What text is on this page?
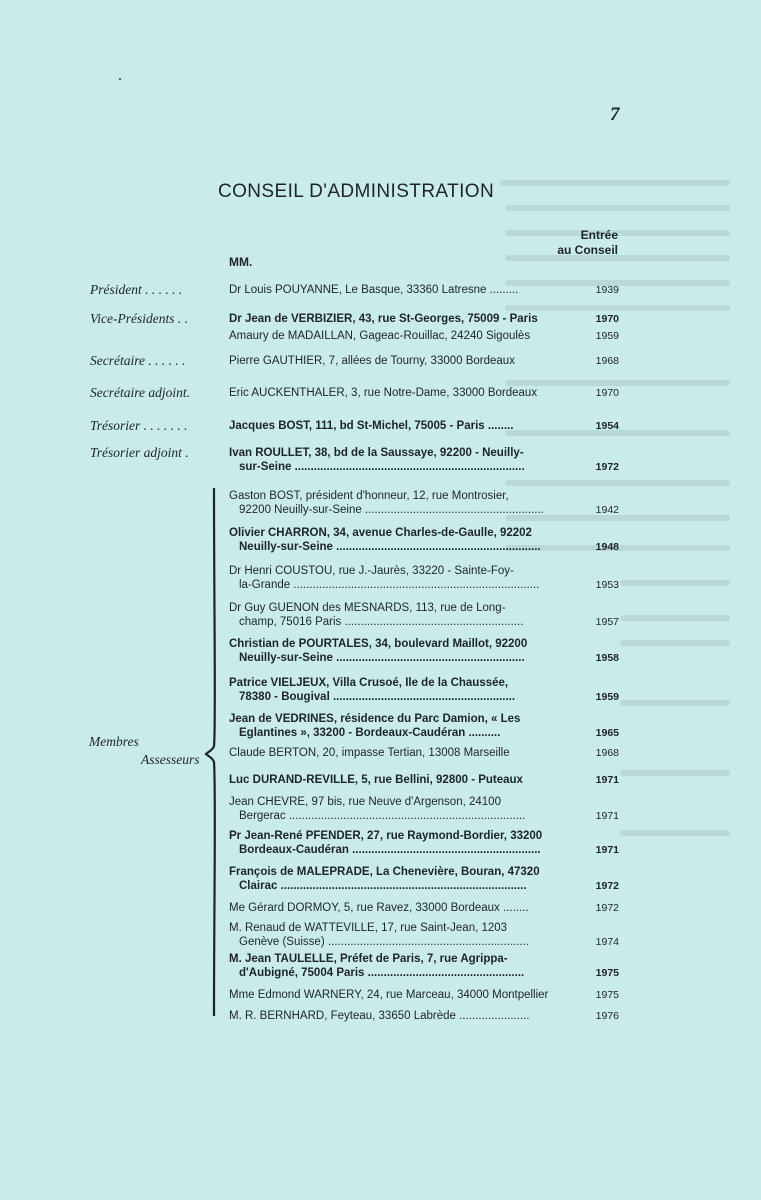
7
CONSEIL D'ADMINISTRATION
Entrée
au Conseil
MM.
Président . . . . . .	Dr Louis POUYANNE, Le Basque, 33360 Latresne .........	1939
Vice-Présidents . .	Dr Jean de VERBIZIER, 43, rue St-Georges, 75009 - Paris	1970
Amaury de MADAILLAN, Gageac-Rouillac, 24240 Sigoulès	1959
Secrétaire . . . . . .	Pierre GAUTHIER, 7, allées de Tourny, 33000 Bordeaux	1968
Secrétaire adjoint.	Eric AUCKENTHALER, 3, rue Notre-Dame, 33000 Bordeaux	1970
Trésorier . . . . . . .	Jacques BOST, 111, bd St-Michel, 75005 - Paris ........	1954
Trésorier adjoint .	Ivan ROULLET, 38, bd de la Saussaye, 92200 - Neuilly-
sur-Seine ........................................................................	1972
Membres
Assesseurs
Gaston BOST, président d'honneur, 12, rue Montrosier,
92200 Neuilly-sur-Seine ........................................................	1942
Olivier CHARRON, 34, avenue Charles-de-Gaulle, 92202
Neuilly-sur-Seine ................................................................	1948
Dr Henri COUSTOU, rue J.-Jaurès, 33220 - Sainte-Foy-
la-Grande .............................................................................	1953
Dr Guy GUENON des MESNARDS, 113, rue de Long-
champ, 75016 Paris ........................................................	1957
Christian de POURTALES, 34, boulevard Maillot, 92200
Neuilly-sur-Seine ...........................................................	1958
Patrice VIELJEUX, Villa Crusoé, Ile de la Chaussée,
78380 - Bougival .........................................................	1959
Jean de VEDRINES, résidence du Parc Damion, « Les
Eglantines », 33200 - Bordeaux-Caudéran ..........	1965
Claude BERTON, 20, impasse Tertian, 13008 Marseille	1968
Luc DURAND-REVILLE, 5, rue Bellini, 92800 - Puteaux	1971
Jean CHEVRE, 97 bis, rue Neuve d'Argenson, 24100
Bergerac ..........................................................................	1971
Pr Jean-René PFENDER, 27, rue Raymond-Bordier, 33200
Bordeaux-Caudéran ...........................................................	1971
François de MALEPRADE, La Chenevière, Bouran, 47320
Clairac .............................................................................	1972
Me Gérard DORMOY, 5, rue Ravez, 33000 Bordeaux ........	1972
M. Renaud de WATTEVILLE, 17, rue Saint-Jean, 1203
Genève (Suisse) ...............................................................	1974
M. Jean TAULELLE, Préfet de Paris, 7, rue Agrippa-
d'Aubigné, 75004 Paris .................................................	1975
Mme Edmond WARNERY, 24, rue Marceau, 34000 Montpellier	1975
M. R. BERNHARD, Feyteau, 33650 Labrède ......................	1976
